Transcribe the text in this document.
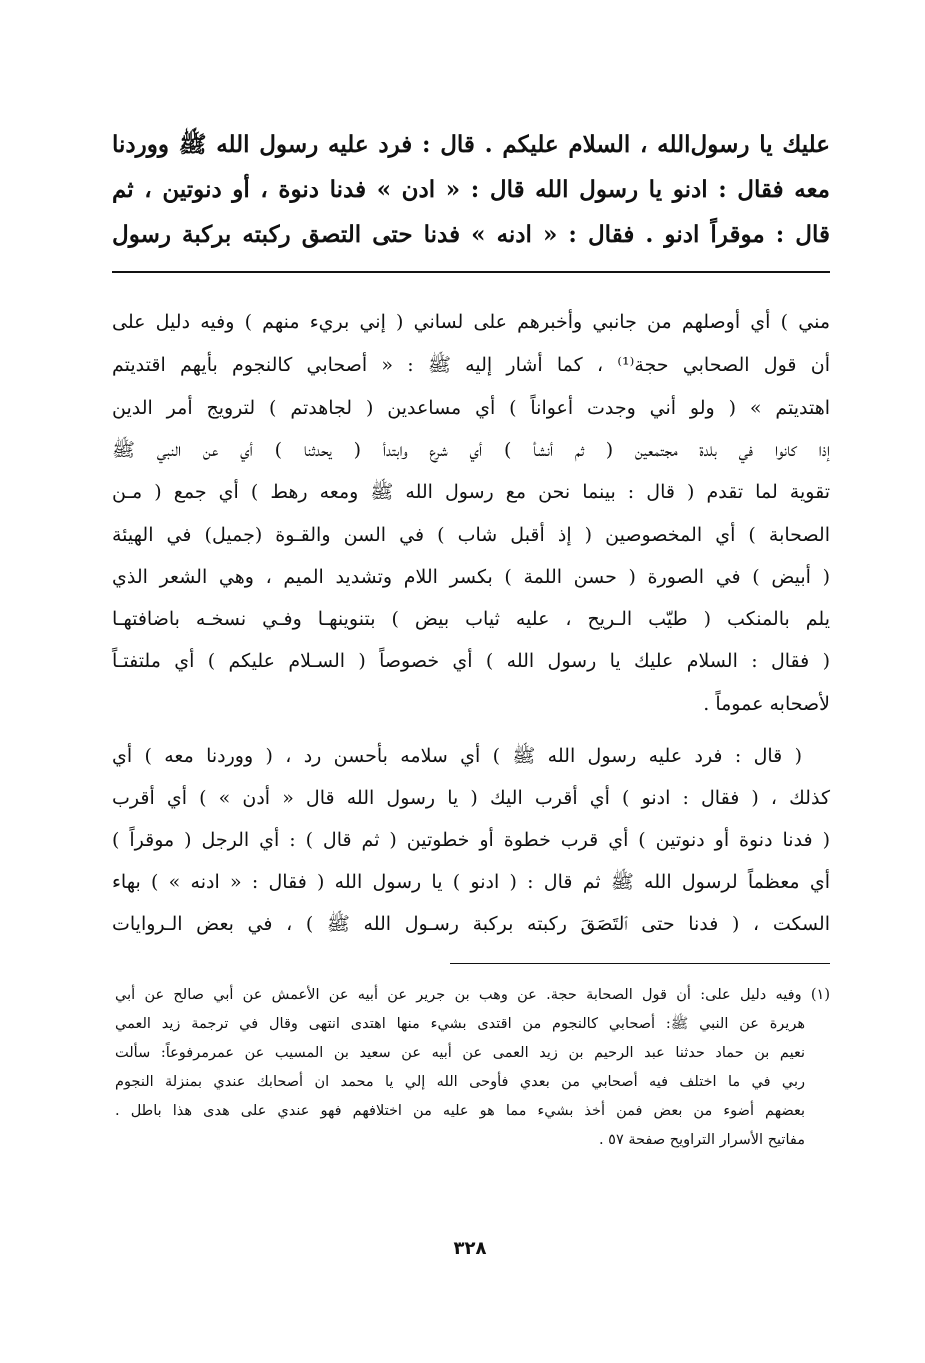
عليك يا رسول‌الله ، السلام عليكم . قال : فرد عليه رسول الله ﷺ ووردنا
معه فقال : ادنو يا رسول الله قال : « ادن » فدنا دنوة ، أو دنوتين ، ثم
قال : موقراً ادنو . فقال : « ادنه » فدنا حتى التصق ركبته بركبة رسول
مني ) أي أوصلهم من جانبي وأخبرهم على لساني ( إني بريء منهم ) وفيه دليل على
أن قول الصحابي حجة⁽¹⁾ ، كما أشار إليه ﷺ : « أصحابي كالنجوم بأيهم اقتديتم
اهتديتم » ( ولو أني وجدت أعواناً ) أي مساعدين ( لجاهدتم ) لترويج أمر الدين
إذا كانوا في بلدة مجتمعين ( ثم أنشأ ) أي شرع وابتدأ ( يحدثنا ) أي عن النبي ﷺ
تقوية لما تقدم ( قال : بينما نحن مع رسول الله ﷺ ومعه رهط ) أي جمع ( مـن
الصحابة ) أي المخصوصين ( إذ أقبل شاب ) في السن والقـوة (جميل) في الهيئة
( أبيض ) في الصورة ( حسن اللمة ) بكسر اللام وتشديد الميم ، وهي الشعر الذي
يلم بالمنكب ( طيّب الـريح ، عليه ثياب بيض ) بتنوينهـا وفـي نسخـه باضافتهـا
( فقال : السلام عليك يا رسول الله ) أي خصوصاً ( السـلام عليكم ) أي ملتفتـاً
لأصحابه عموماً .
( قال : فرد عليه رسول الله ﷺ ) أي سلامه بأحسن رد ، ( ووردنا معه ) أي
كذلك ، ( فقال : ادنو ) أي أقرب اليك ( يا رسول الله قال « أدن » ) أي أقرب
( فدنا دنوة أو دنوتين ) أي قرب خطوة أو خطوتين ( ثم قال ) : أي الرجل ( موقراً )
أي معظماً لرسول الله ﷺ ثم قال : ( ادنو ) يا رسول الله ( فقال : « ادنه » ) بهاء
السكت ، ( فدنا حتى ٱلتَصَقَ ركبته بركبة رسـول الله ﷺ ) ، في بعض الـروايات
(١) وفيه دليل على: أن قول الصحابة حجة. عن وهب بن جرير عن أبيه عن الأعمش عن أبي صالح عن أبي
هريرة عن النبي ﷺ: أصحابي كالنجوم من اقتدى بشيء منها اهتدى انتهى وقال في ترجمة زيد العمي
نعيم بن حماد حدثنا عبد الرحيم بن زيد العمى عن أبيه عن سعيد بن المسيب عن عمرمرفوعاً: سألت
ربي في ما اختلف فيه أصحابي من بعدي فأوحى الله إلي يا محمد ان أصحابك عندي بمنزلة النجوم
بعضهم أضوء من بعض فمن أخذ بشيء مما هو عليه من اختلافهم فهو عندي على هدى هذا باطل .
مفاتيح الأسرار التراويح صفحة ٥٧ .
٣٢٨
